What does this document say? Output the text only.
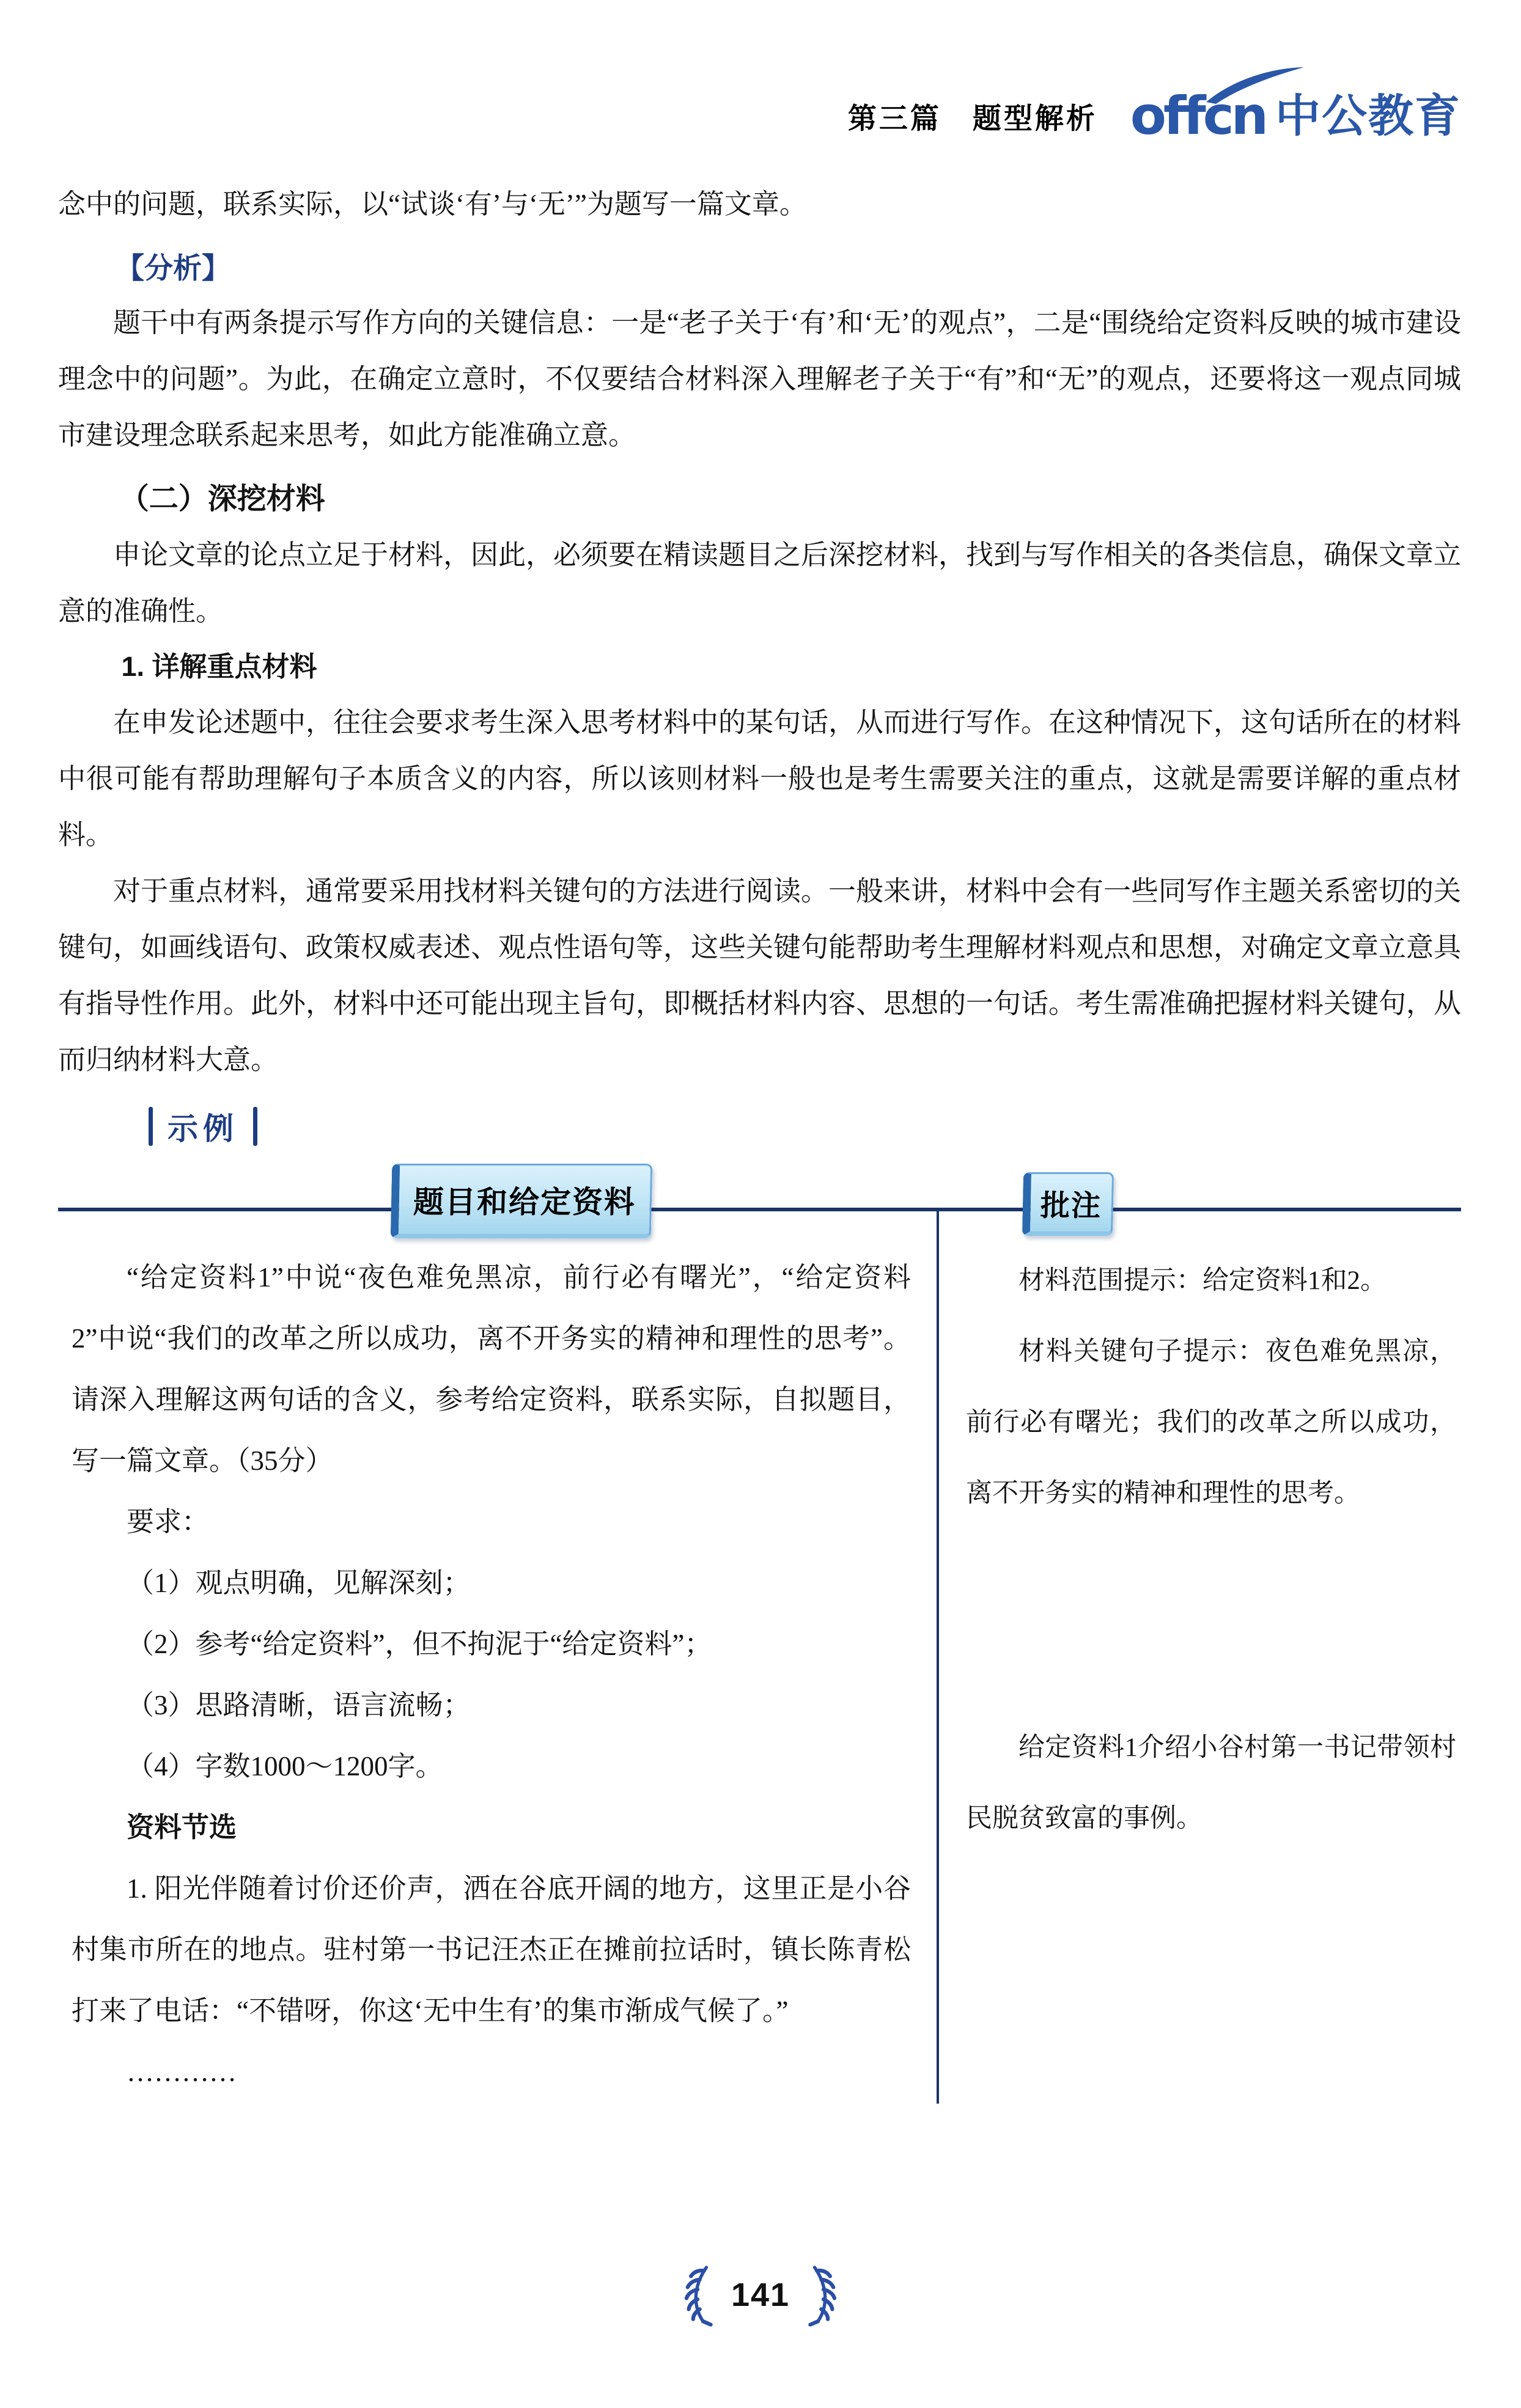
第三篇　题型解析 offcn 中公教育

念中的问题，联系实际，以“试谈‘有’与‘无’”为题写一篇文章。

【分析】

题干中有两条提示写作方向的关键信息：一是“老子关于‘有’和‘无’的观点”，二是“围绕给定资料反映的城市建设理念中的问题”。为此，在确定立意时，不仅要结合材料深入理解老子关于“有”和“无”的观点，还要将这一观点同城市建设理念联系起来思考，如此方能准确立意。

（二）深挖材料

申论文章的论点立足于材料，因此，必须要在精读题目之后深挖材料，找到与写作相关的各类信息，确保文章立意的准确性。

1. 详解重点材料

在申发论述题中，往往会要求考生深入思考材料中的某句话，从而进行写作。在这种情况下，这句话所在的材料中很可能有帮助理解句子本质含义的内容，所以该则材料一般也是考生需要关注的重点，这就是需要详解的重点材料。

对于重点材料，通常要采用找材料关键句的方法进行阅读。一般来讲，材料中会有一些同写作主题关系密切的关键句，如画线语句、政策权威表述、观点性语句等，这些关键句能帮助考生理解材料观点和思想，对确定文章立意具有指导性作用。此外，材料中还可能出现主旨句，即概括材料内容、思想的一句话。考生需准确把握材料关键句，从而归纳材料大意。

示例
题目和给定资料	批注

“给定资料1”中说“夜色难免黑凉，前行必有曙光”，“给定资料2”中说“我们的改革之所以成功，离不开务实的精神和理性的思考”。请深入理解这两句话的含义，参考给定资料，联系实际，自拟题目，写一篇文章。（35分）

要求：

（1）观点明确，见解深刻；

（2）参考“给定资料”，但不拘泥于“给定资料”；

（3）思路清晰，语言流畅；

（4）字数1000～1200字。

资料节选

1. 阳光伴随着讨价还价声，洒在谷底开阔的地方，这里正是小谷村集市所在的地点。驻村第一书记汪杰正在摊前拉话时，镇长陈青松打来了电话：“不错呀，你这‘无中生有’的集市渐成气候了。”

…………

材料范围提示：给定资料1和2。

材料关键句子提示：夜色难免黑凉，前行必有曙光；我们的改革之所以成功，离不开务实的精神和理性的思考。

给定资料1介绍小谷村第一书记带领村民脱贫致富的事例。

141
